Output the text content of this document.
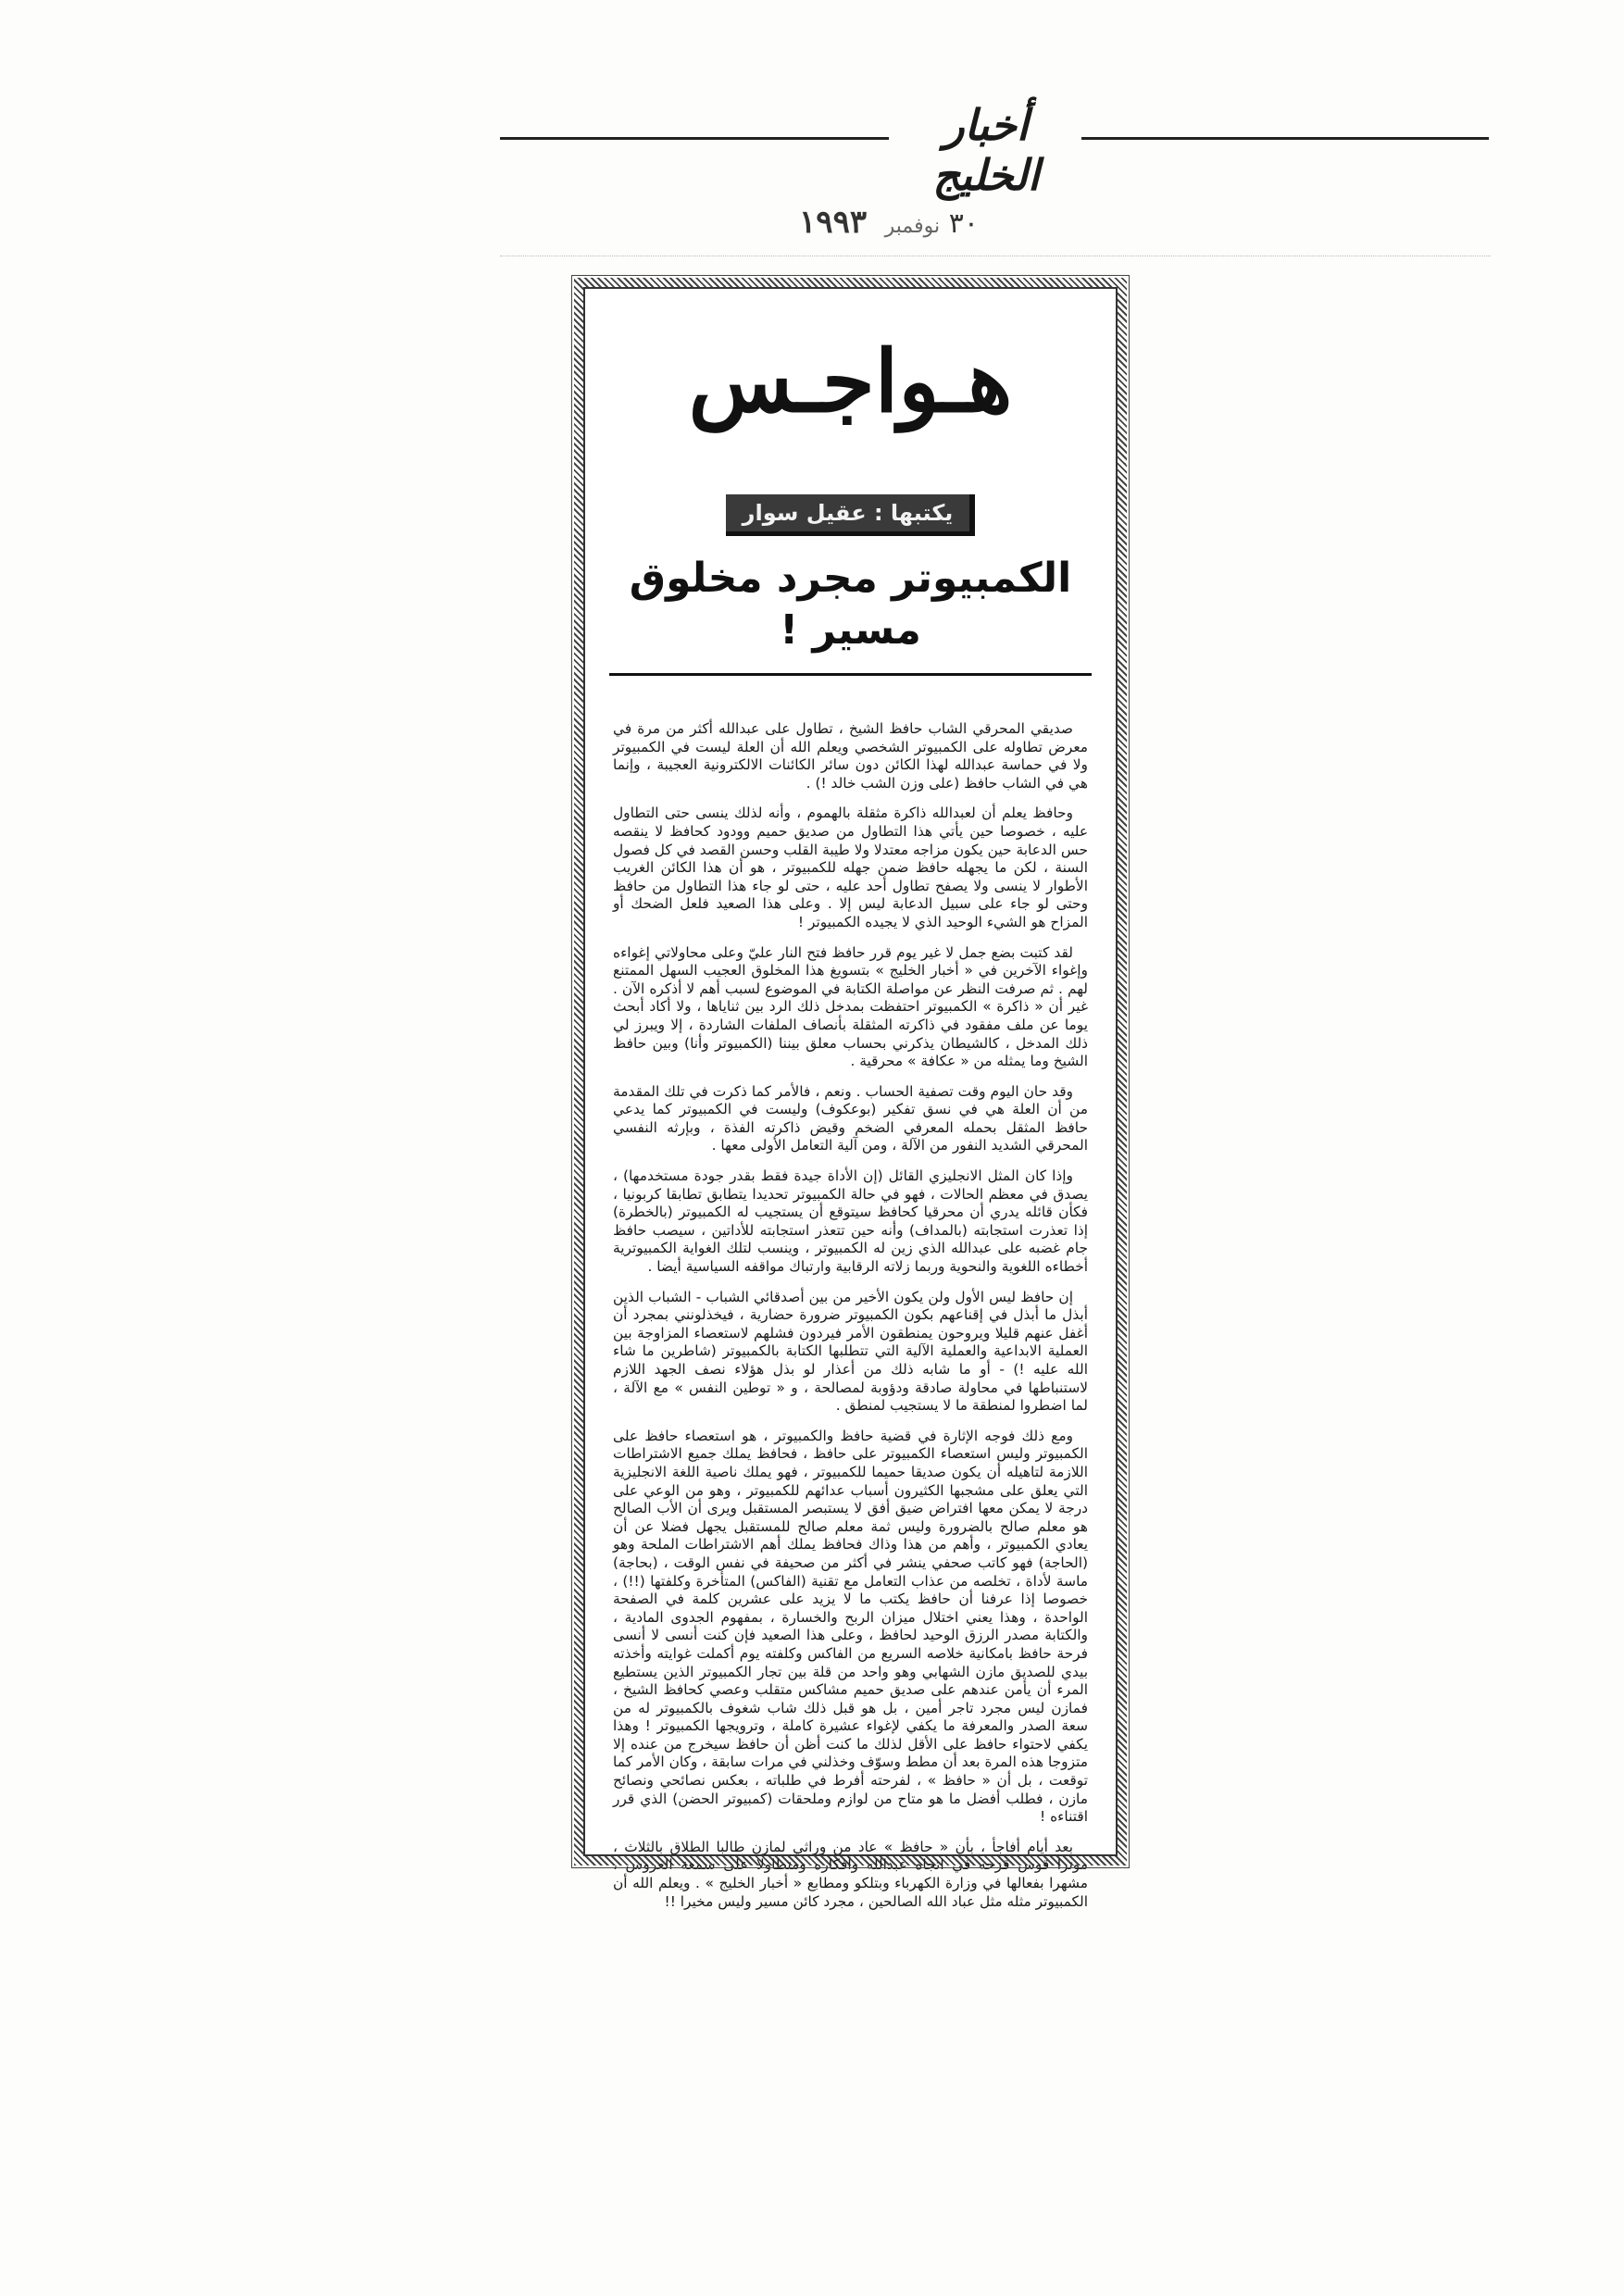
أخبار الخليج
٣٠ نوفمبر ١٩٩٣
هـواجـس
يكتبها : عقيل سوار
الكمبيوتر مجرد مخلوق مسير !

صديقي المحرقي الشاب حافظ الشيخ ، تطاول على عبدالله أكثر من مرة في معرض تطاوله على الكمبيوتر الشخصي ويعلم الله أن العلة ليست في الكمبيوتر ولا في حماسة عبدالله لهذا الكائن دون سائر الكائنات الالكترونية العجيبة ، وإنما هي في الشاب حافظ (على وزن الشب خالد !) .

وحافظ يعلم أن لعبدالله ذاكرة مثقلة بالهموم ، وأنه لذلك ينسى حتى التطاول عليه ، خصوصا حين يأتي هذا التطاول من صديق حميم وودود كحافظ لا ينقصه حس الدعابة حين يكون مزاجه معتدلا ولا طيبة القلب وحسن القصد في كل فصول السنة ، لكن ما يجهله حافظ ضمن جهله للكمبيوتر ، هو أن هذا الكائن الغريب الأطوار لا ينسى ولا يصفح تطاول أحد عليه ، حتى لو جاء هذا التطاول من حافظ وحتى لو جاء على سبيل الدعابة ليس إلا . وعلى هذا الصعيد فلعل الضحك أو المزاح هو الشيء الوحيد الذي لا يجيده الكمبيوتر !

لقد كتبت بضع جمل لا غير يوم قرر حافظ فتح النار عليّ وعلى محاولاتي إغواءه وإغواء الآخرين في « أخبار الخليج » بتسويغ هذا المخلوق العجيب السهل الممتنع لهم . ثم صرفت النظر عن مواصلة الكتابة في الموضوع لسبب أهم لا أذكره الآن . غير أن « ذاكرة » الكمبيوتر احتفظت بمدخل ذلك الرد بين ثناياها ، ولا أكاد أبحث يوما عن ملف مفقود في ذاكرته المثقلة بأنصاف الملفات الشاردة ، إلا ويبرز لي ذلك المدخل ، كالشيطان يذكرني بحساب معلق بيننا (الكمبيوتر وأنا) وبين حافظ الشيخ وما يمثله من « عكافة » محرقية .

وقد حان اليوم وقت تصفية الحساب . ونعم ، فالأمر كما ذكرت في تلك المقدمة من أن العلة هي في نسق تفكير (بوعكوف) وليست في الكمبيوتر كما يدعي حافظ المثقل بحمله المعرفي الضخم وقيض ذاكرته الفذة ، وبإرثه النفسي المحرقي الشديد النفور من الآلة ، ومن آلية التعامل الأولى معها .

وإذا كان المثل الانجليزي القائل (إن الأداة جيدة فقط بقدر جودة مستخدمها) ، يصدق في معظم الحالات ، فهو في حالة الكمبيوتر تحديدا يتطابق تطابقا كربونيا ، فكأن قائله يدري أن محرقيا كحافظ سيتوقع أن يستجيب له الكمبيوتر (بالخطرة) إذا تعذرت استجابته (بالمداف) وأنه حين تتعذر استجابته للأداتين ، سيصب حافظ جام غضبه على عبدالله الذي زين له الكمبيوتر ، وينسب لتلك الغواية الكمبيوترية أخطاءه اللغوية والنحوية وربما زلاته الرقابية وارتباك مواقفه السياسية أيضا .

إن حافظ ليس الأول ولن يكون الأخير من بين أصدقائي الشباب - الشباب الذين أبذل ما أبذل في إقناعهم بكون الكمبيوتر ضرورة حضارية ، فيخذلونني بمجرد أن أغفل عنهم قليلا ويروحون يمنطقون الأمر فيردون فشلهم لاستعصاء المزاوجة بين العملية الابداعية والعملية الآلية التي تتطلبها الكتابة بالكمبيوتر (شاطرين ما شاء الله عليه !) - أو ما شابه ذلك من أعذار لو بذل هؤلاء نصف الجهد اللازم لاستنباطها في محاولة صادقة ودؤوبة لمصالحة ، و « توطين النفس » مع الآلة ، لما اضطروا لمنطقة ما لا يستجيب لمنطق .

ومع ذلك فوجه الإثارة في قضية حافظ والكمبيوتر ، هو استعصاء حافظ على الكمبيوتر وليس استعصاء الكمبيوتر على حافظ ، فحافظ يملك جميع الاشتراطات اللازمة لتاهيله أن يكون صديقا حميما للكمبيوتر ، فهو يملك ناصية اللغة الانجليزية التي يعلق على مشجبها الكثيرون أسباب عدائهم للكمبيوتر ، وهو من الوعي على درجة لا يمكن معها افتراض ضيق أفق لا يستبصر المستقبل ويرى أن الأب الصالح هو معلم صالح بالضرورة وليس ثمة معلم صالح للمستقبل يجهل فضلا عن أن يعادي الكمبيوتر ، وأهم من هذا وذاك فحافظ يملك أهم الاشتراطات الملحة وهو (الحاجة) فهو كاتب صحفي ينشر في أكثر من صحيفة في نفس الوقت ، (بحاجة) ماسة لأداة ، تخلصه من عذاب التعامل مع تقنية (الفاكس) المتأخرة وكلفتها (!!) ، خصوصا إذا عرفنا أن حافظ يكتب ما لا يزيد على عشرين كلمة في الصفحة الواحدة ، وهذا يعني اختلال ميزان الربح والخسارة ، بمفهوم الجدوى المادية ، والكتابة مصدر الرزق الوحيد لحافظ ، وعلى هذا الصعيد فإن كنت أنسى لا أنسى فرحة حافظ بامكانية خلاصه السريع من الفاكس وكلفته يوم أكملت غوايته وأخذته بيدي للصديق مازن الشهابي وهو واحد من قلة بين تجار الكمبيوتر الذين يستطيع المرء أن يأمن عندهم على صديق حميم مشاكس متقلب وعصي كحافظ الشيخ ، فمازن ليس مجرد تاجر أمين ، بل هو قبل ذلك شاب شغوف بالكمبيوتر له من سعة الصدر والمعرفة ما يكفي لإغواء عشيرة كاملة ، وترويجها الكمبيوتر ! وهذا يكفي لاحتواء حافظ على الأقل لذلك ما كنت أظن أن حافظ سيخرج من عنده إلا متزوجا هذه المرة بعد أن مطط وسوّف وخذلني في مرات سابقة ، وكان الأمر كما توقعت ، بل أن « حافظ » ، لفرحته أفرط في طلباته ، بعكس نصائحي ونصائح مازن ، فطلب أفضل ما هو متاح من لوازم وملحقات (كمبيوتر الحضن) الذي قرر اقتناءه !

بعد أيام أفاجأ ، بأن « حافظ » عاد من وراثي لمازن طالبا الطلاق بالثلاث ، موترا قوس قزحه في اتجاه عبدالله وأفكاره ومتطاولا على سمعة العروس ، مشهرا بفعالها في وزارة الكهرباء وبتلكو ومطابع « أخبار الخليج » . ويعلم الله أن الكمبيوتر مثله مثل عباد الله الصالحين ، مجرد كائن مسير وليس مخيرا !!
